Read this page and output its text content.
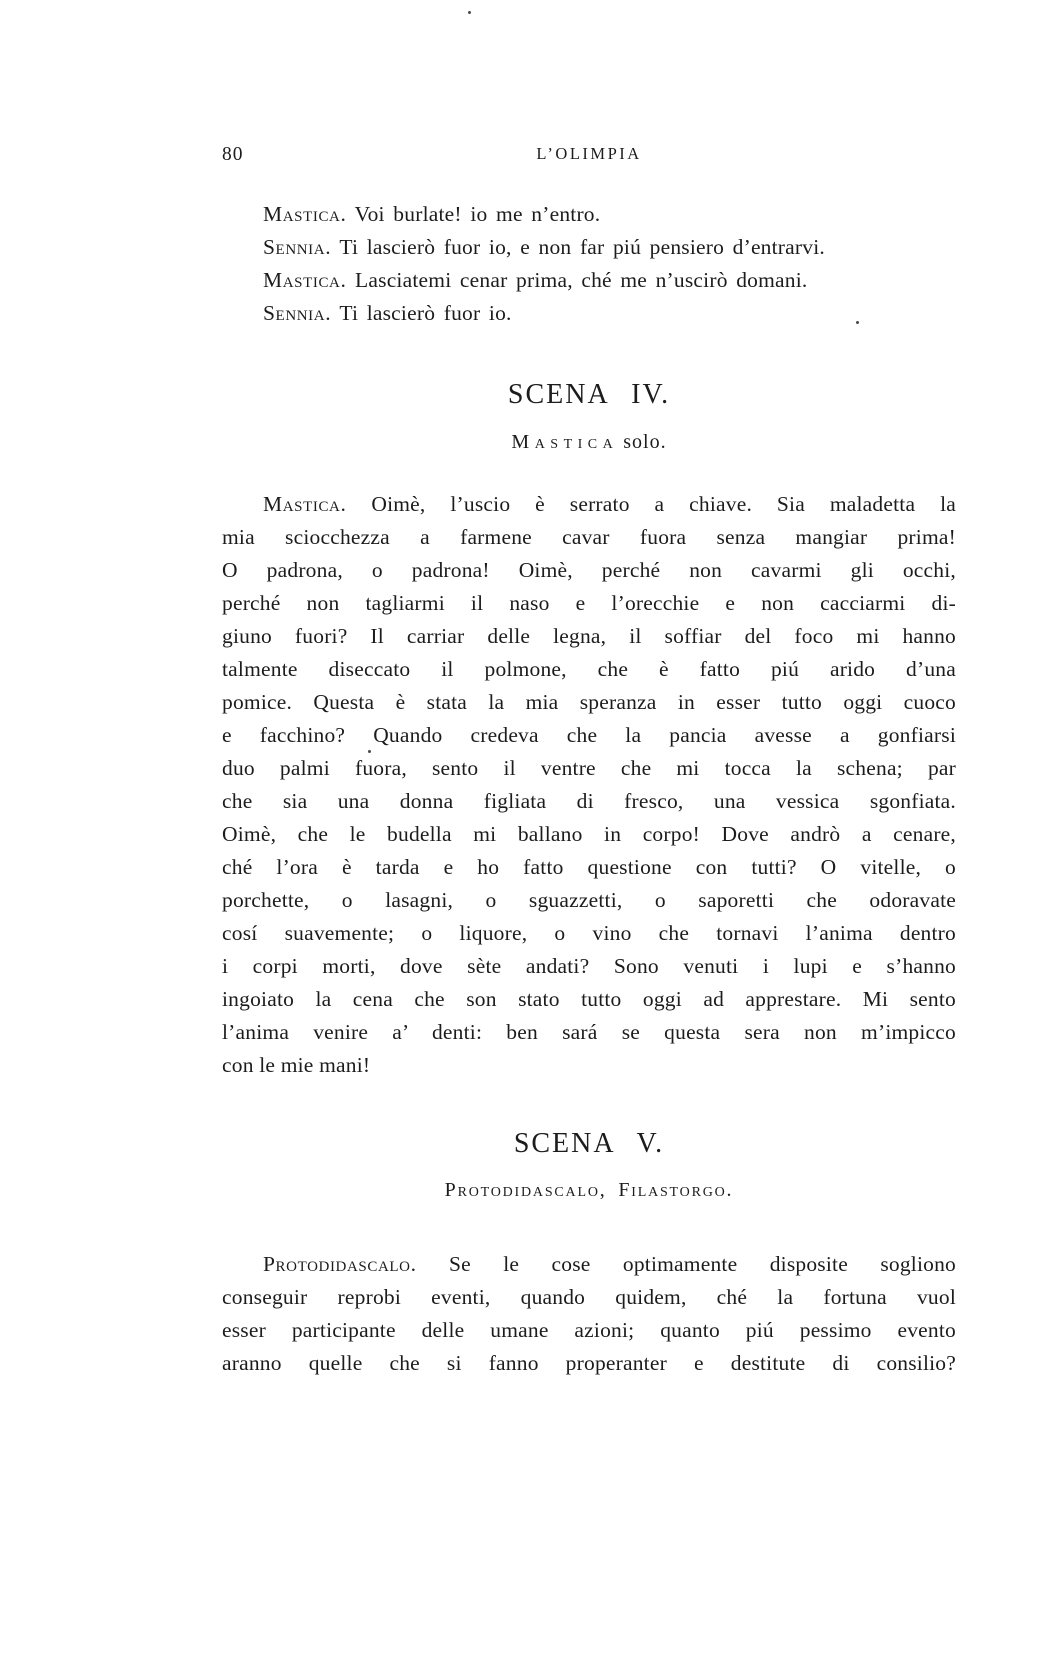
80	L’OLIMPIA
Mastica. Voi burlate! io me n’entro.
Sennia. Ti lascierò fuor io, e non far piú pensiero d’entrarvi.
Mastica. Lasciatemi cenar prima, ché me n’uscirò domani.
Sennia. Ti lascierò fuor io.
SCENA IV.
Mastica solo.
Mastica. Oimè, l’uscio è serrato a chiave. Sia maladetta la
mia sciocchezza a farmene cavar fuora senza mangiar prima!
O padrona, o padrona! Oimè, perché non cavarmi gli occhi,
perché non tagliarmi il naso e l’orecchie e non cacciarmi di-
giuno fuori? Il carriar delle legna, il soffiar del foco mi hanno
talmente diseccato il polmone, che è fatto piú arido d’una
pomice. Questa è stata la mia speranza in esser tutto oggi cuoco
e facchino? Quando credeva che la pancia avesse a gonfiarsi
duo palmi fuora, sento il ventre che mi tocca la schena; par
che sia una donna figliata di fresco, una vessica sgonfiata.
Oimè, che le budella mi ballano in corpo! Dove andrò a cenare,
ché l’ora è tarda e ho fatto questione con tutti? O vitelle, o
porchette, o lasagni, o sguazzetti, o saporetti che odoravate
cosí suavemente; o liquore, o vino che tornavi l’anima dentro
i corpi morti, dove sète andati? Sono venuti i lupi e s’hanno
ingoiato la cena che son stato tutto oggi ad apprestare. Mi sento
l’anima venire a’ denti: ben sará se questa sera non m’impicco
con le mie mani!
SCENA V.
Protodidascalo, Filastorgo.
Protodidascalo. Se le cose optimamente disposite sogliono
conseguir reprobi eventi, quando quidem, ché la fortuna vuol
esser participante delle umane azioni; quanto piú pessimo evento
aranno quelle che si fanno properanter e destitute di consilio?
